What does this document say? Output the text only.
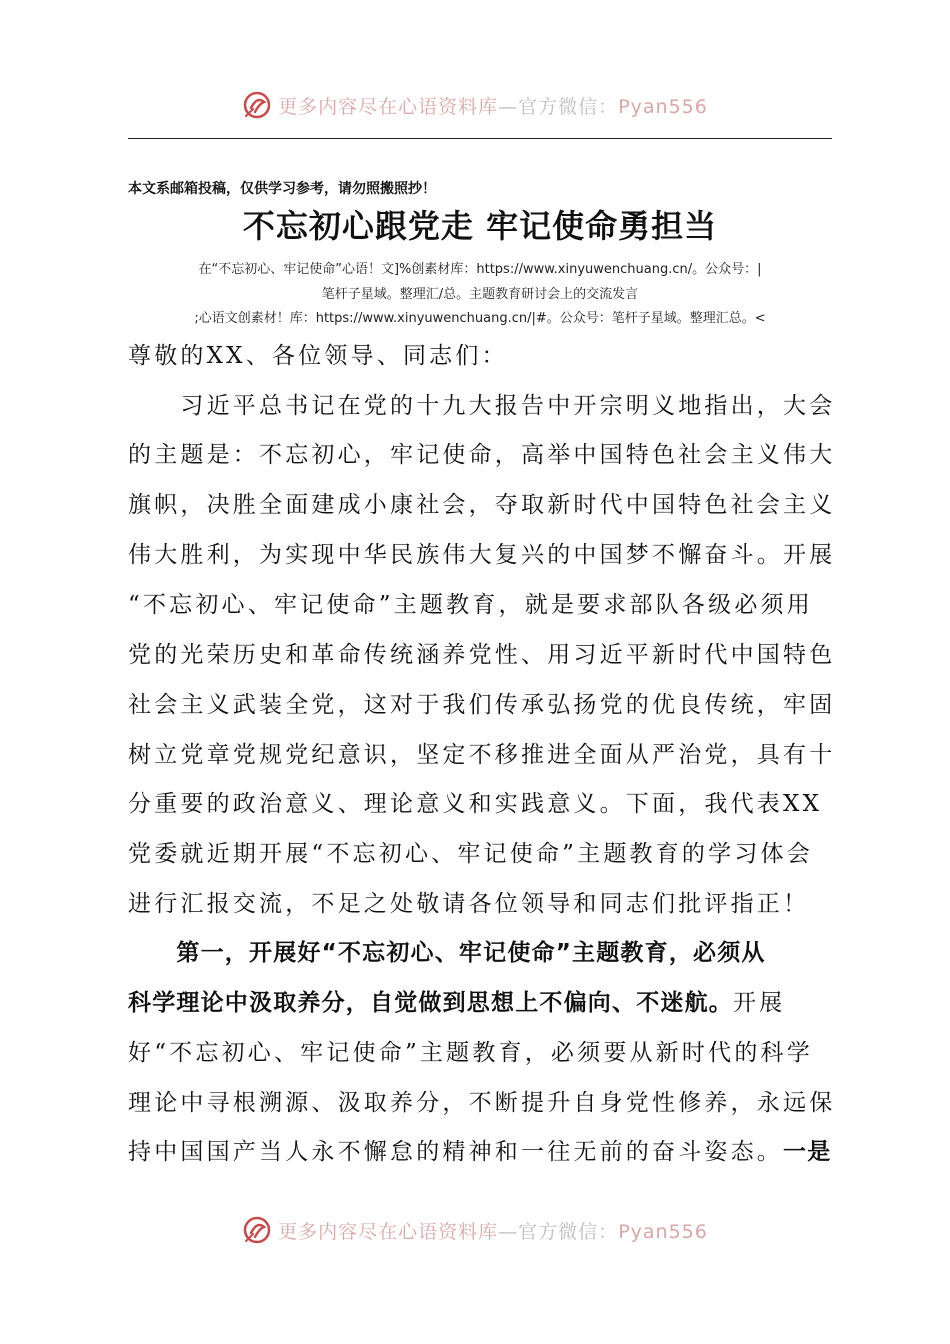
更多内容尽在心语资料库—官方微信：Pyan556
本文系邮箱投稿，仅供学习参考，请勿照搬照抄！
不忘初心跟党走 牢记使命勇担当
在“不忘初心、牢记使命”心语！文]%创素材库：https://www.xinyuwenchuang.cn/。公众号：|
笔杆子星域。整理汇/总。主题教育研讨会上的交流发言
;心语文创素材！库：https://www.xinyuwenchuang.cn/|#。公众号：笔杆子星域。整理汇总。<
尊敬的XX、各位领导、同志们：
　　习近平总书记在党的十九大报告中开宗明义地指出，大会
的主题是：不忘初心，牢记使命，高举中国特色社会主义伟大
旗帜，决胜全面建成小康社会，夺取新时代中国特色社会主义
伟大胜利，为实现中华民族伟大复兴的中国梦不懈奋斗。开展
“不忘初心、牢记使命”主题教育，就是要求部队各级必须用
党的光荣历史和革命传统涵养党性、用习近平新时代中国特色
社会主义武装全党，这对于我们传承弘扬党的优良传统，牢固
树立党章党规党纪意识，坚定不移推进全面从严治党，具有十
分重要的政治意义、理论意义和实践意义。下面，我代表XX
党委就近期开展“不忘初心、牢记使命”主题教育的学习体会
进行汇报交流，不足之处敬请各位领导和同志们批评指正！
　　第一，开展好“不忘初心、牢记使命”主题教育，必须从
科学理论中汲取养分，自觉做到思想上不偏向、不迷航。开展
好“不忘初心、牢记使命”主题教育，必须要从新时代的科学
理论中寻根溯源、汲取养分，不断提升自身党性修养，永远保
持中国国产当人永不懈怠的精神和一往无前的奋斗姿态。一是
更多内容尽在心语资料库—官方微信：Pyan556
